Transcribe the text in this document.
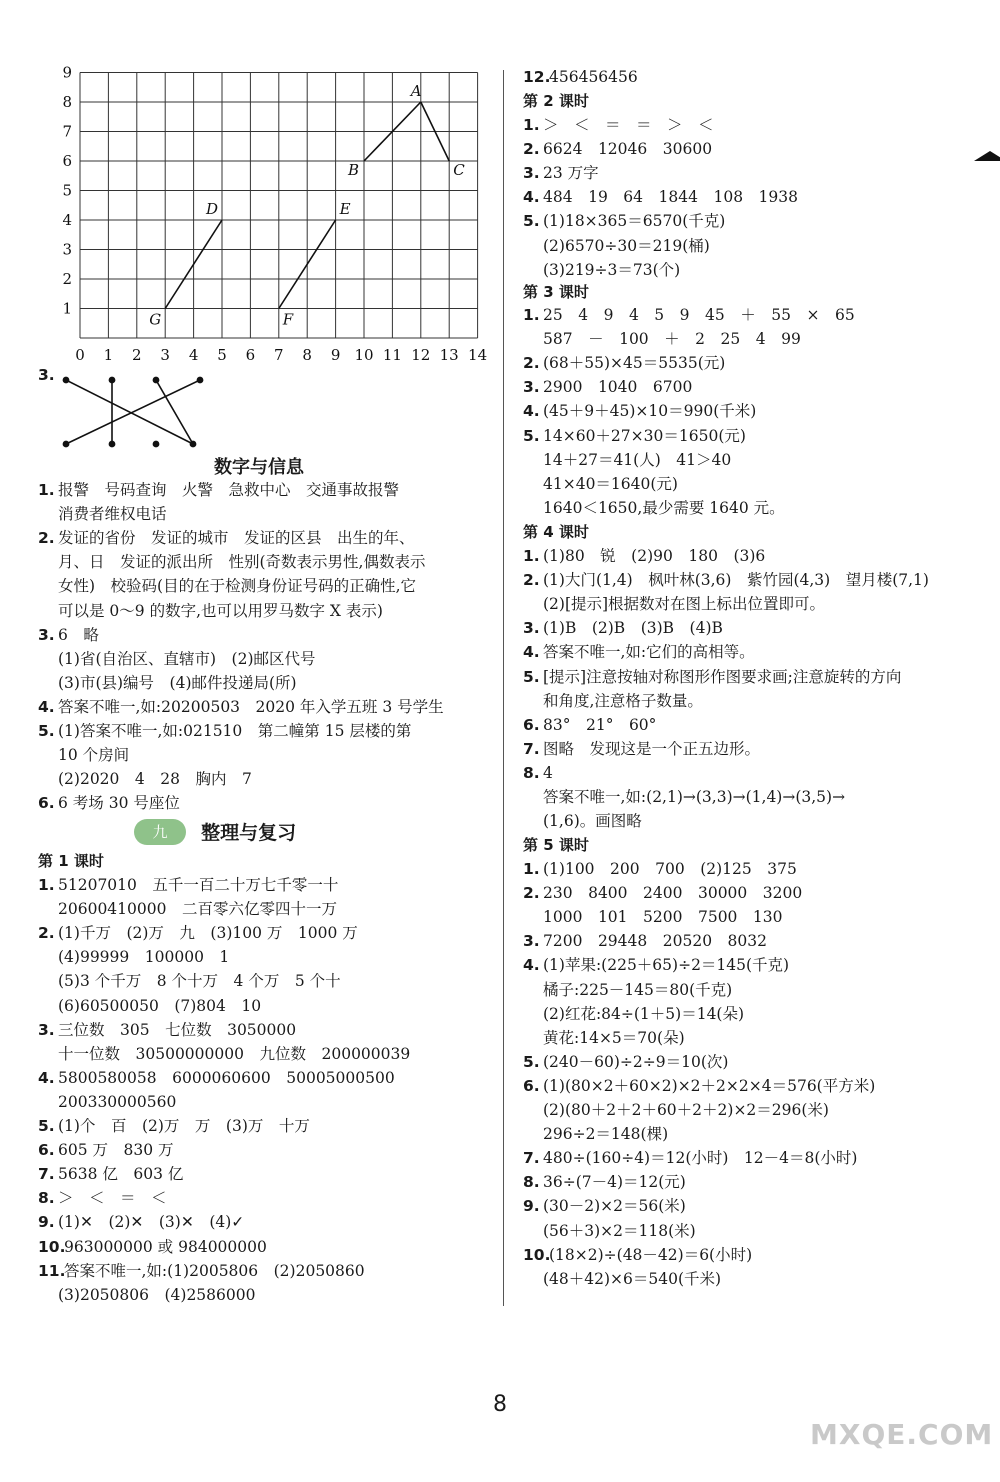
0 1 2 3 4 5 6 7 8 9 10 11 12 13 14
1
2
3
4
5
6
7
8
9
A
B	C
D	E
G	F
3.
数字与信息
1. 报警　号码查询　火警　急救中心　交通事故报警
消费者维权电话
2. 发证的省份　发证的城市　发证的区县　出生的年、
月、日　发证的派出所　性别(奇数表示男性,偶数表示
女性)　校验码(目的在于检测身份证号码的正确性,它
可以是 0～9 的数字,也可以用罗马数字 X 表示)
3. 6　略
(1)省(自治区、直辖市)　(2)邮区代号
(3)市(县)编号　(4)邮件投递局(所)
4. 答案不唯一,如:20200503　2020 年入学五班 3 号学生
5. (1)答案不唯一,如:021510　第二幢第 15 层楼的第
10 个房间
(2)2020　4　28　胸内　7
6. 6 考场 30 号座位
第 1 课时
1. 51207010　五千一百二十万七千零一十
20600410000　二百零六亿零四十一万
2. (1)千万　(2)万　九　(3)100 万　1000 万
(4)99999　100000　1
(5)3 个千万　8 个十万　4 个万　5 个十
(6)60500050　(7)804　10
3. 三位数　305　七位数　3050000
十一位数　30500000000　九位数　200000039
4. 5800580058　6000060600　50005000500
200330000560
5. (1)个　百　(2)万　万　(3)万　十万
6. 605 万　830 万
7. 5638 亿　603 亿
8. ＞　＜　＝　＜
9. (1)✕　(2)✕　(3)✕　(4)✓
10.963000000 或 984000000
11.答案不唯一,如:(1)2005806　(2)2050860
(3)2050806　(4)2586000
12.456456456
第 2 课时
1. ＞　＜　＝　＝　＞　＜
2. 6624　12046　30600
3. 23 万字
4. 484　19　64　1844　108　1938
5. (1)18×365＝6570(千克)
(2)6570÷30＝219(桶)
(3)219÷3＝73(个)
第 3 课时
1. 25　4　9　4　5　9　45　＋　55　×　65
587　－　100　＋　2　25　4　99
2. (68＋55)×45＝5535(元)
3. 2900　1040　6700
4. (45＋9＋45)×10＝990(千米)
5. 14×60＋27×30＝1650(元)
14＋27＝41(人)　41＞40
41×40＝1640(元)
1640＜1650,最少需要 1640 元。
第 4 课时
1. (1)80　锐　(2)90　180　(3)6
2. (1)大门(1,4)　枫叶林(3,6)　紫竹园(4,3)　望月楼(7,1)
(2)[提示]根据数对在图上标出位置即可。
3. (1)B　(2)B　(3)B　(4)B
4. 答案不唯一,如:它们的高相等。
5. [提示]注意按轴对称图形作图要求画;注意旋转的方向
和角度,注意格子数量。
6. 83°　21°　60°
7. 图略　发现这是一个正五边形。
8. 4
答案不唯一,如:(2,1)→(3,3)→(1,4)→(3,5)→
(1,6)。画图略
第 5 课时
1. (1)100　200　700　(2)125　375
2. 230　8400　2400　30000　3200
1000　101　5200　7500　130
3. 7200　29448　20520　8032
4. (1)苹果:(225＋65)÷2＝145(千克)
橘子:225－145＝80(千克)
(2)红花:84÷(1＋5)＝14(朵)
黄花:14×5＝70(朵)
5. (240－60)÷2÷9＝10(次)
6. (1)(80×2＋60×2)×2＋2×2×4＝576(平方米)
(2)(80＋2＋2＋60＋2＋2)×2＝296(米)
296÷2＝148(棵)
7. 480÷(160÷4)＝12(小时)　12－4＝8(小时)
8. 36÷(7－4)＝12(元)
9. (30－2)×2＝56(米)
(56＋3)×2＝118(米)
10.(18×2)÷(48－42)＝6(小时)
(48＋42)×6＝540(千米)
九 整理与复习
8
MXQE.COM
